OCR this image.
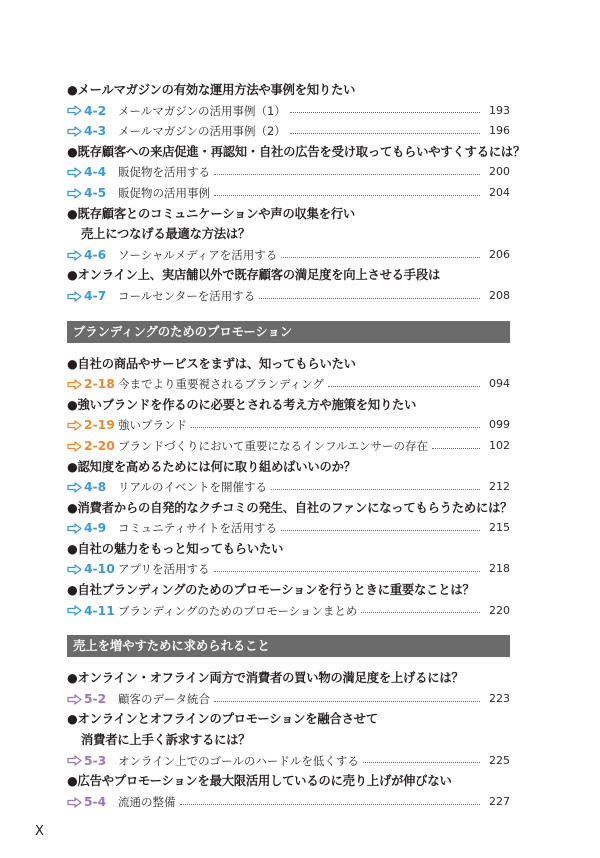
●メールマガジンの有効な運用方法や事例を知りたい
4-2	メールマガジンの活用事例（1）	193
4-3	メールマガジンの活用事例（2）	196
●既存顧客への来店促進・再認知・自社の広告を受け取ってもらいやすくするには？
4-4	販促物を活用する	200
4-5	販促物の活用事例	204
●既存顧客とのコミュニケーションや声の収集を行い
売上につなげる最適な方法は？
4-6	ソーシャルメディアを活用する	206
●オンライン上、実店舗以外で既存顧客の満足度を向上させる手段は
4-7	コールセンターを活用する	208
ブランディングのためのプロモーション
●自社の商品やサービスをまずは、知ってもらいたい
2-18 今までより重要視されるブランディング	094
●強いブランドを作るのに必要とされる考え方や施策を知りたい
2-19 強いブランド	099
2-20 ブランドづくりにおいて重要になるインフルエンサーの存在	102
●認知度を高めるためには何に取り組めばいいのか？
4-8	リアルのイベントを開催する	212
●消費者からの自発的なクチコミの発生、自社のファンになってもらうためには？
4-9	コミュニティサイトを活用する	215
●自社の魅力をもっと知ってもらいたい
4-10 アプリを活用する	218
●自社ブランディングのためのプロモーションを行うときに重要なことは？
4-11 ブランディングのためのプロモーションまとめ	220
売上を増やすために求められること
●オンライン・オフライン両方で消費者の買い物の満足度を上げるには？
5-2	顧客のデータ統合	223
●オンラインとオフラインのプロモーションを融合させて
消費者に上手く訴求するには？
5-3	オンライン上でのゴールのハードルを低くする	225
●広告やプロモーションを最大限活用しているのに売り上げが伸びない
5-4	流通の整備	227
X
